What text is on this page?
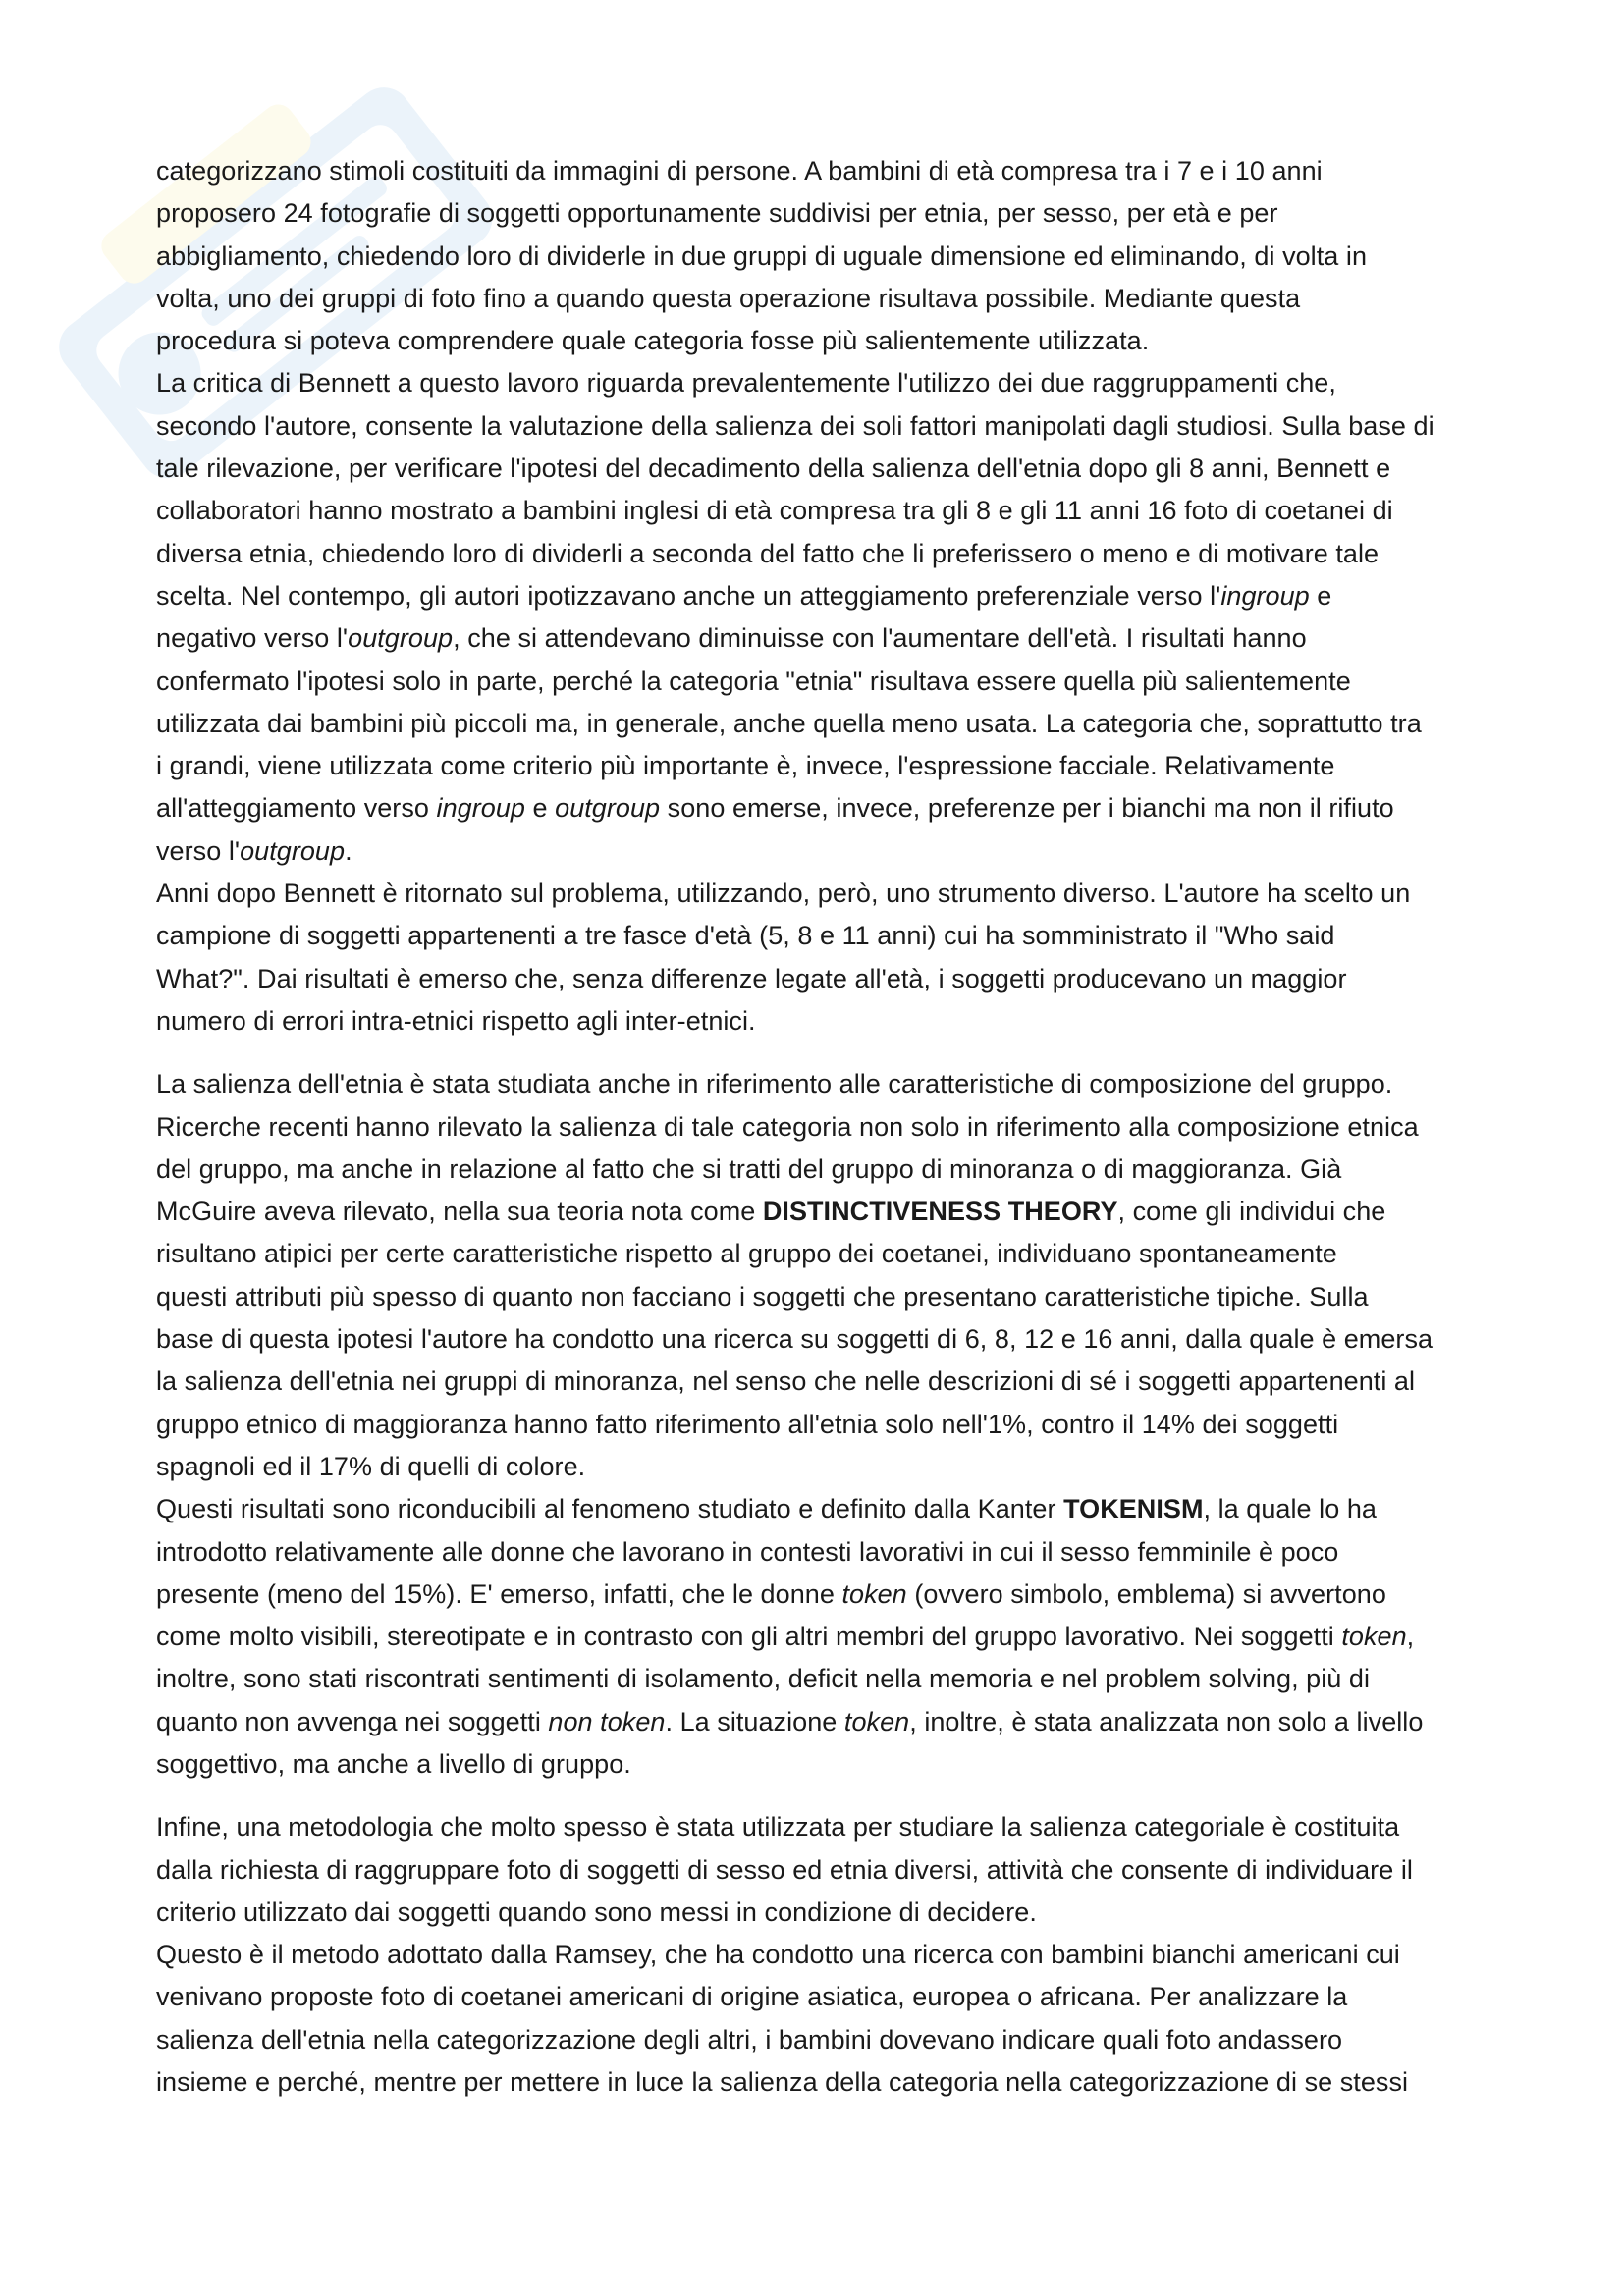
categorizzano stimoli costituiti da immagini di persone. A bambini di età compresa tra i 7 e i 10 anni
proposero 24 fotografie di soggetti opportunamente suddivisi per etnia, per sesso, per età e per
abbigliamento, chiedendo loro di dividerle in due gruppi di uguale dimensione ed eliminando, di volta in
volta, uno dei gruppi di foto fino a quando questa operazione risultava possibile. Mediante questa
procedura si poteva comprendere quale categoria fosse più salientemente utilizzata.

La critica di Bennett a questo lavoro riguarda prevalentemente l'utilizzo dei due raggruppamenti che,
secondo l'autore, consente la valutazione della salienza dei soli fattori manipolati dagli studiosi. Sulla base di
tale rilevazione, per verificare l'ipotesi del decadimento della salienza dell'etnia dopo gli 8 anni, Bennett e
collaboratori hanno mostrato a bambini inglesi di età compresa tra gli 8 e gli 11 anni 16 foto di coetanei di
diversa etnia, chiedendo loro di dividerli a seconda del fatto che li preferissero o meno e di motivare tale
scelta. Nel contempo, gli autori ipotizzavano anche un atteggiamento preferenziale verso l'ingroup e
negativo verso l'outgroup, che si attendevano diminuisse con l'aumentare dell'età. I risultati hanno
confermato l'ipotesi solo in parte, perché la categoria "etnia" risultava essere quella più salientemente
utilizzata dai bambini più piccoli ma, in generale, anche quella meno usata. La categoria che, soprattutto tra
i grandi, viene utilizzata come criterio più importante è, invece, l'espressione facciale. Relativamente
all'atteggiamento verso ingroup e outgroup sono emerse, invece, preferenze per i bianchi ma non il rifiuto
verso l'outgroup.

Anni dopo Bennett è ritornato sul problema, utilizzando, però, uno strumento diverso. L'autore ha scelto un
campione di soggetti appartenenti a tre fasce d'età (5, 8 e 11 anni) cui ha somministrato il "Who said
What?". Dai risultati è emerso che, senza differenze legate all'età, i soggetti producevano un maggior
numero di errori intra-etnici rispetto agli inter-etnici.

La salienza dell'etnia è stata studiata anche in riferimento alle caratteristiche di composizione del gruppo.
Ricerche recenti hanno rilevato la salienza di tale categoria non solo in riferimento alla composizione etnica
del gruppo, ma anche in relazione al fatto che si tratti del gruppo di minoranza o di maggioranza. Già
McGuire aveva rilevato, nella sua teoria nota come DISTINCTIVENESS THEORY, come gli individui che
risultano atipici per certe caratteristiche rispetto al gruppo dei coetanei, individuano spontaneamente
questi attributi più spesso di quanto non facciano i soggetti che presentano caratteristiche tipiche. Sulla
base di questa ipotesi l'autore ha condotto una ricerca su soggetti di 6, 8, 12 e 16 anni, dalla quale è emersa
la salienza dell'etnia nei gruppi di minoranza, nel senso che nelle descrizioni di sé i soggetti appartenenti al
gruppo etnico di maggioranza hanno fatto riferimento all'etnia solo nell'1%, contro il 14% dei soggetti
spagnoli ed il 17% di quelli di colore.

Questi risultati sono riconducibili al fenomeno studiato e definito dalla Kanter TOKENISM, la quale lo ha
introdotto relativamente alle donne che lavorano in contesti lavorativi in cui il sesso femminile è poco
presente (meno del 15%). E' emerso, infatti, che le donne token (ovvero simbolo, emblema) si avvertono
come molto visibili, stereotipate e in contrasto con gli altri membri del gruppo lavorativo. Nei soggetti token,
inoltre, sono stati riscontrati sentimenti di isolamento, deficit nella memoria e nel problem solving, più di
quanto non avvenga nei soggetti non token. La situazione token, inoltre, è stata analizzata non solo a livello
soggettivo, ma anche a livello di gruppo.

Infine, una metodologia che molto spesso è stata utilizzata per studiare la salienza categoriale è costituita
dalla richiesta di raggruppare foto di soggetti di sesso ed etnia diversi, attività che consente di individuare il
criterio utilizzato dai soggetti quando sono messi in condizione di decidere.

Questo è il metodo adottato dalla Ramsey, che ha condotto una ricerca con bambini bianchi americani cui
venivano proposte foto di coetanei americani di origine asiatica, europea o africana. Per analizzare la
salienza dell'etnia nella categorizzazione degli altri, i bambini dovevano indicare quali foto andassero
insieme e perché, mentre per mettere in luce la salienza della categoria nella categorizzazione di se stessi
